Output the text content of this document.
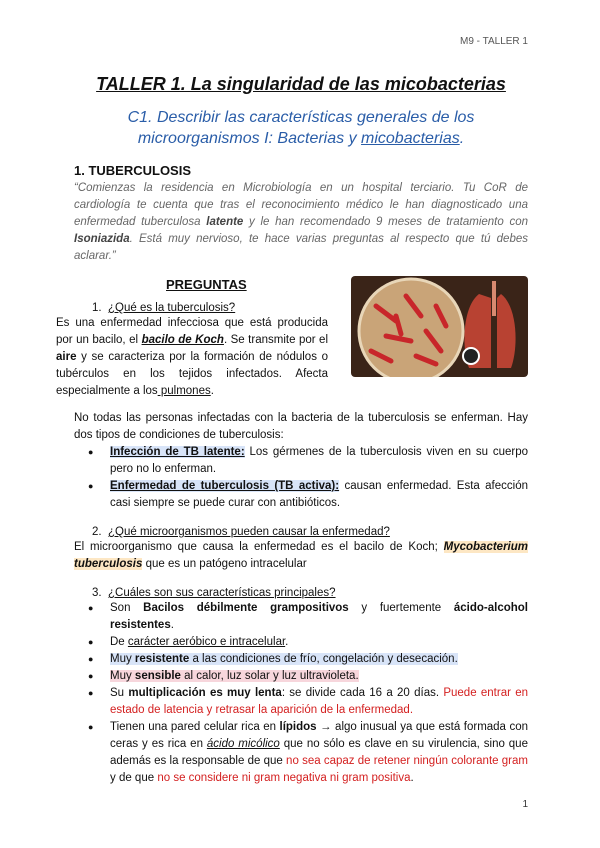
M9 - TALLER 1
TALLER 1. La singularidad de las micobacterias
C1. Describir las características generales de los
microorganismos I: Bacterias y micobacterias.
1. TUBERCULOSIS
“Comienzas la residencia en Microbiología en un hospital terciario. Tu CoR de cardiología te cuenta que tras el reconocimiento médico le han diagnosticado una enfermedad tuberculosa latente y le han recomendado 9 meses de tratamiento con Isoniazida. Está muy nervioso, te hace varias preguntas al respecto que tú debes aclarar.”
PREGUNTAS
1. ¿Qué es la tuberculosis?
Es una enfermedad infecciosa que está producida por un bacilo, el bacilo de Koch. Se transmite por el aire y se caracteriza por la formación de nódulos o tubérculos en los tejidos infectados. Afecta especialmente a los pulmones.
No todas las personas infectadas con la bacteria de la tuberculosis se enferman. Hay dos tipos de condiciones de tuberculosis:
● Infección de TB latente: Los gérmenes de la tuberculosis viven en su cuerpo pero no lo enferman.
● Enfermedad de tuberculosis (TB activa): causan enfermedad. Esta afección casi siempre se puede curar con antibióticos.
2. ¿Qué microorganismos pueden causar la enfermedad?
El microorganismo que causa la enfermedad es el bacilo de Koch; Mycobacterium tuberculosis que es un patógeno intracelular
3. ¿Cuáles son sus características principales?
● Son Bacilos débilmente grampositivos y fuertemente ácido-alcohol resistentes.
● De carácter aeróbico e intracelular.
● Muy resistente a las condiciones de frío, congelación y desecación.
● Muy sensible al calor, luz solar y luz ultravioleta.
● Su multiplicación es muy lenta: se divide cada 16 a 20 días. Puede entrar en estado de latencia y retrasar la aparición de la enfermedad.
● Tienen una pared celular rica en lípidos → algo inusual ya que está formada con ceras y es rica en ácido micólico que no sólo es clave en su virulencia, sino que además es la responsable de que no sea capaz de retener ningún colorante gram y de que no se considere ni gram negativa ni gram positiva.
1
